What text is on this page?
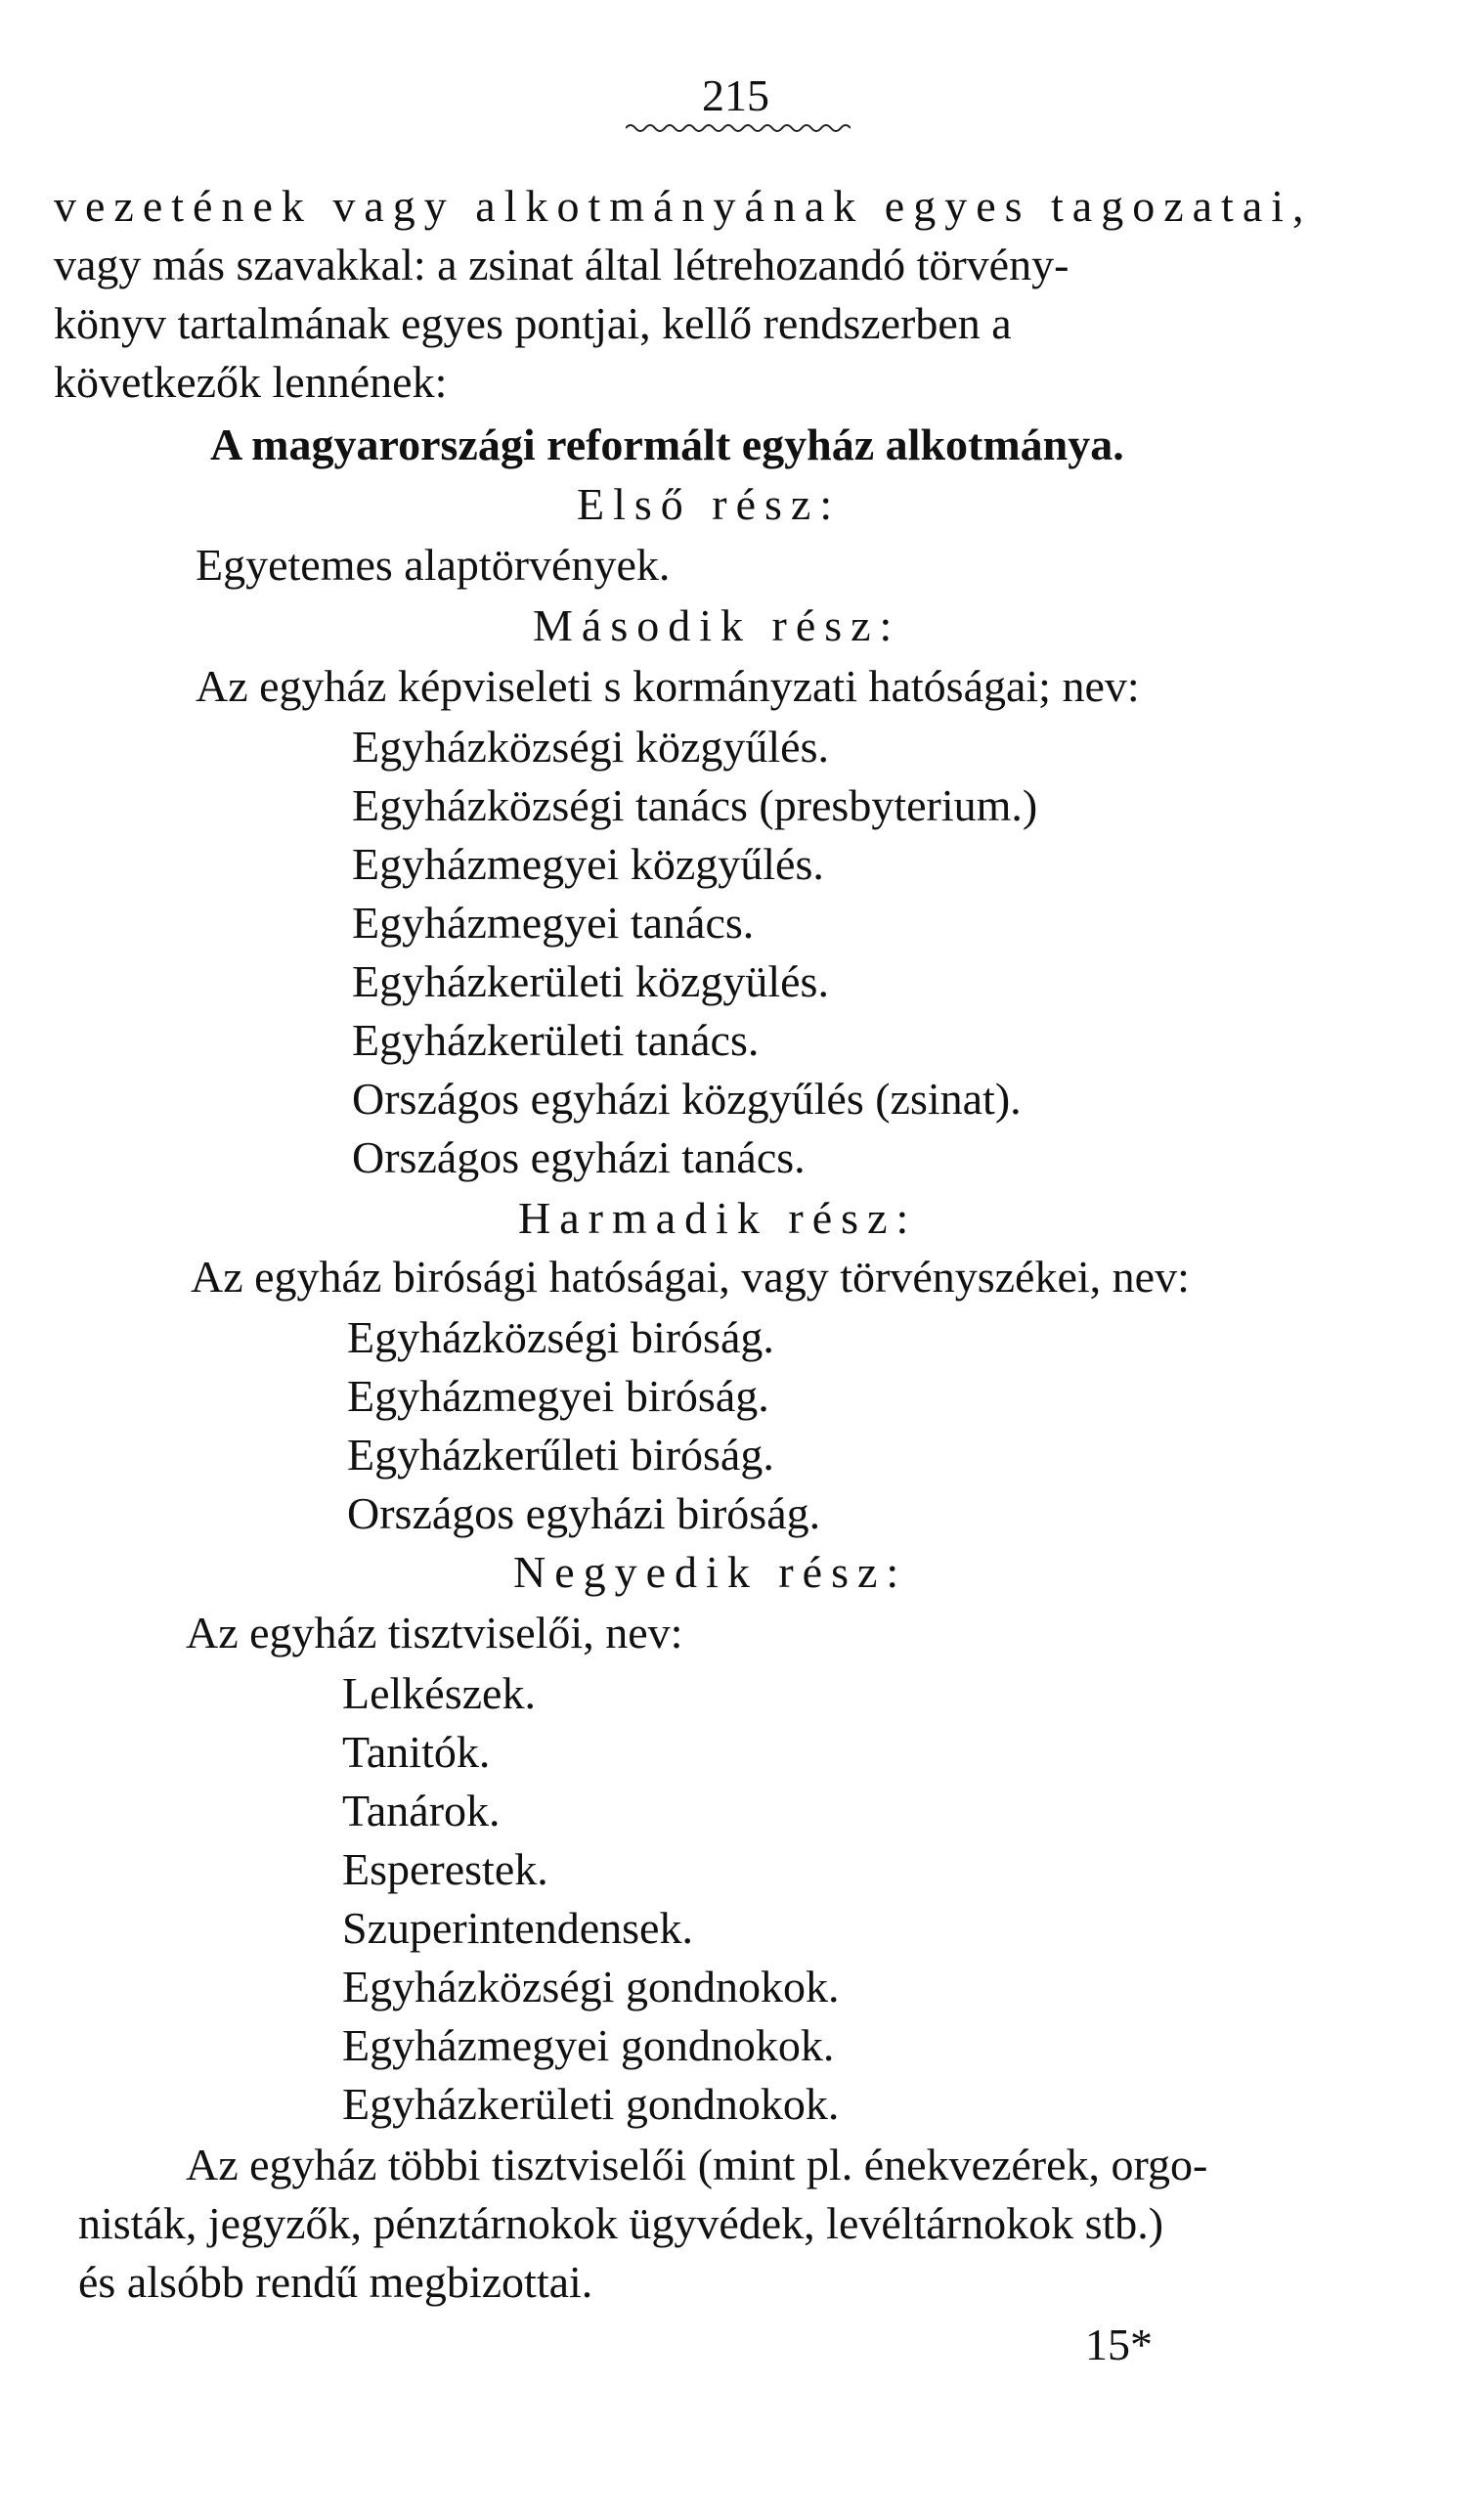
215
vezetének vagy alkotmányának egyes tagozatai,
vagy más szavakkal: a zsinat által létrehozandó törvény-
könyv tartalmának egyes pontjai, kellő rendszerben a
következők lennének:
A magyarországi reformált egyház alkotmánya.
Első rész:
Egyetemes alaptörvények.
Második rész:
Az egyház képviseleti s kormányzati hatóságai; nev:
Egyházközségi közgyűlés.
Egyházközségi tanács (presbyterium.)
Egyházmegyei közgyűlés.
Egyházmegyei tanács.
Egyházkerületi közgyülés.
Egyházkerületi tanács.
Országos egyházi közgyűlés (zsinat).
Országos egyházi tanács.
Harmadik rész:
Az egyház birósági hatóságai, vagy törvényszékei, nev:
Egyházközségi biróság.
Egyházmegyei biróság.
Egyházkerűleti biróság.
Országos egyházi biróság.
Negyedik rész:
Az egyház tisztviselői, nev:
Lelkészek.
Tanitók.
Tanárok.
Esperestek.
Szuperintendensek.
Egyházközségi gondnokok.
Egyházmegyei gondnokok.
Egyházkerületi gondnokok.
Az egyház többi tisztviselői (mint pl. énekvezérek, orgo-
nisták, jegyzők, pénztárnokok ügyvédek, levéltárnokok stb.)
és alsóbb rendű megbizottai.
15*
